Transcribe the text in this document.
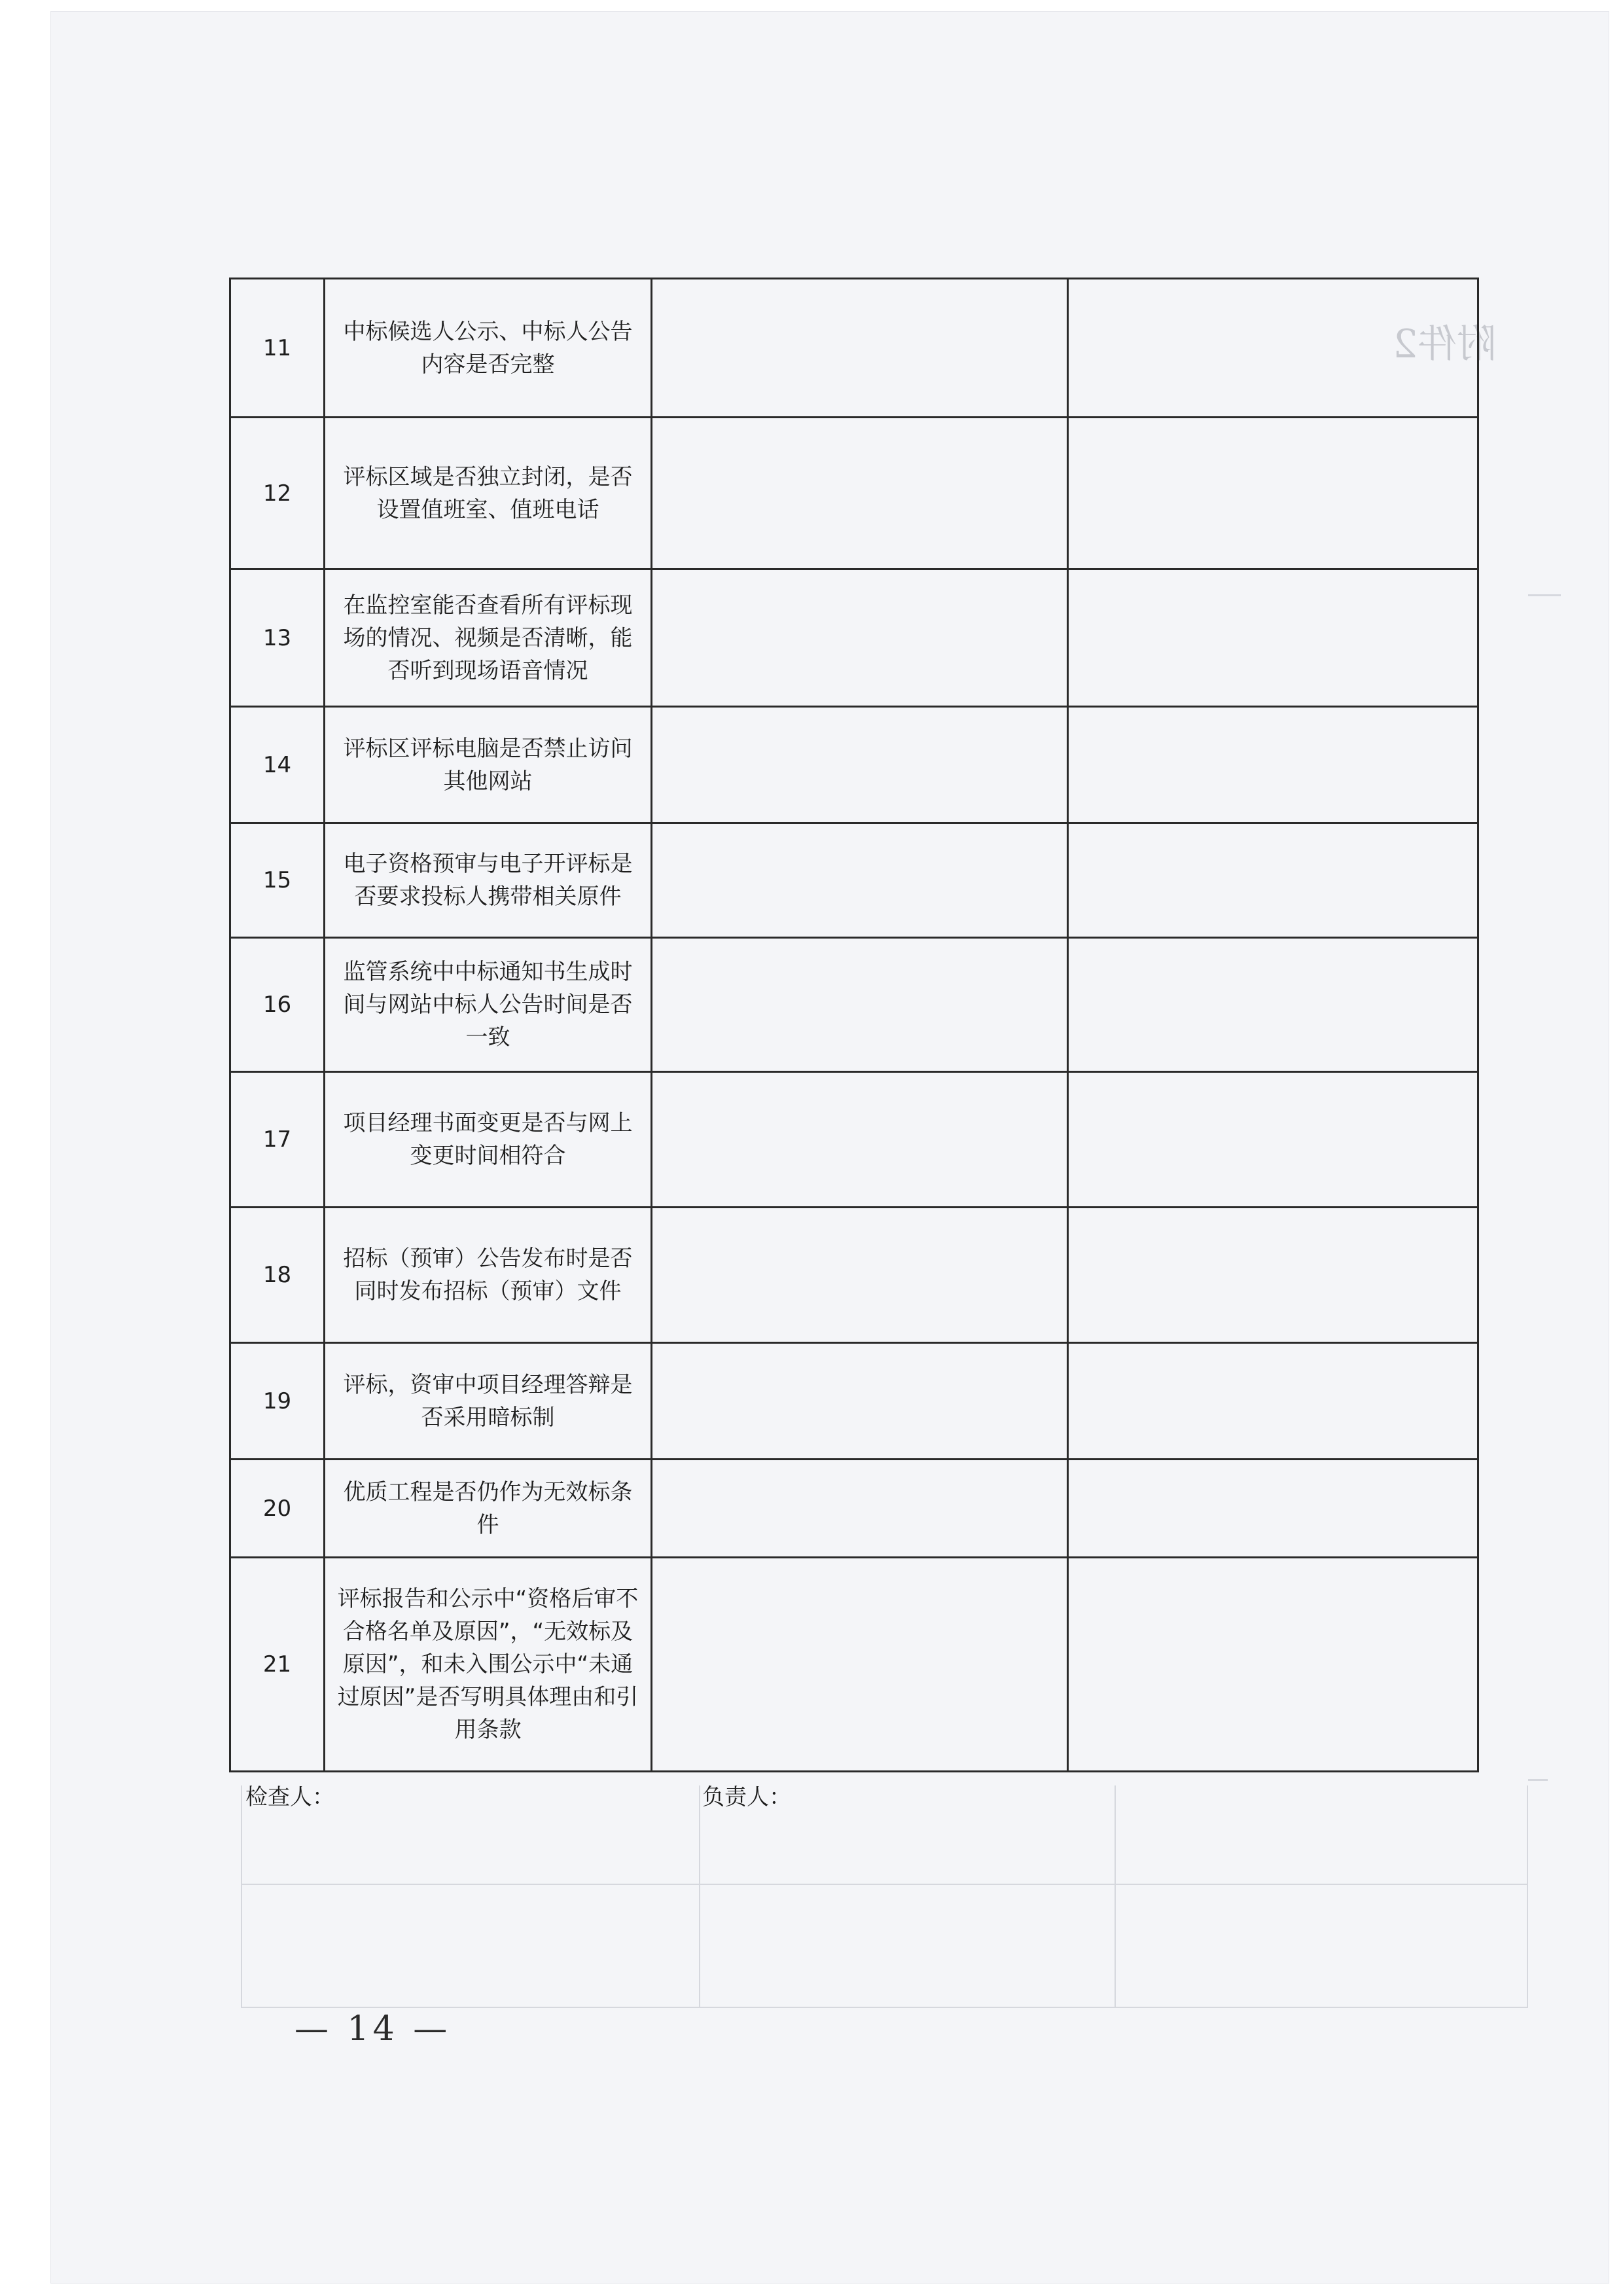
附件2
11	中标候选人公示、中标人公告内容是否完整		
12	评标区域是否独立封闭，是否设置值班室、值班电话		
13	在监控室能否查看所有评标现场的情况、视频是否清晰，能否听到现场语音情况		
14	评标区评标电脑是否禁止访问其他网站		
15	电子资格预审与电子开评标是否要求投标人携带相关原件		
16	监管系统中中标通知书生成时间与网站中标人公告时间是否一致		
17	项目经理书面变更是否与网上变更时间相符合		
18	招标（预审）公告发布时是否同时发布招标（预审）文件		
19	评标，资审中项目经理答辩是否采用暗标制		
20	优质工程是否仍作为无效标条件		
21	评标报告和公示中“资格后审不合格名单及原因”，“无效标及原因”，和未入围公示中“未通过原因”是否写明具体理由和引用条款		
检查人：	负责人：
— 14 —
